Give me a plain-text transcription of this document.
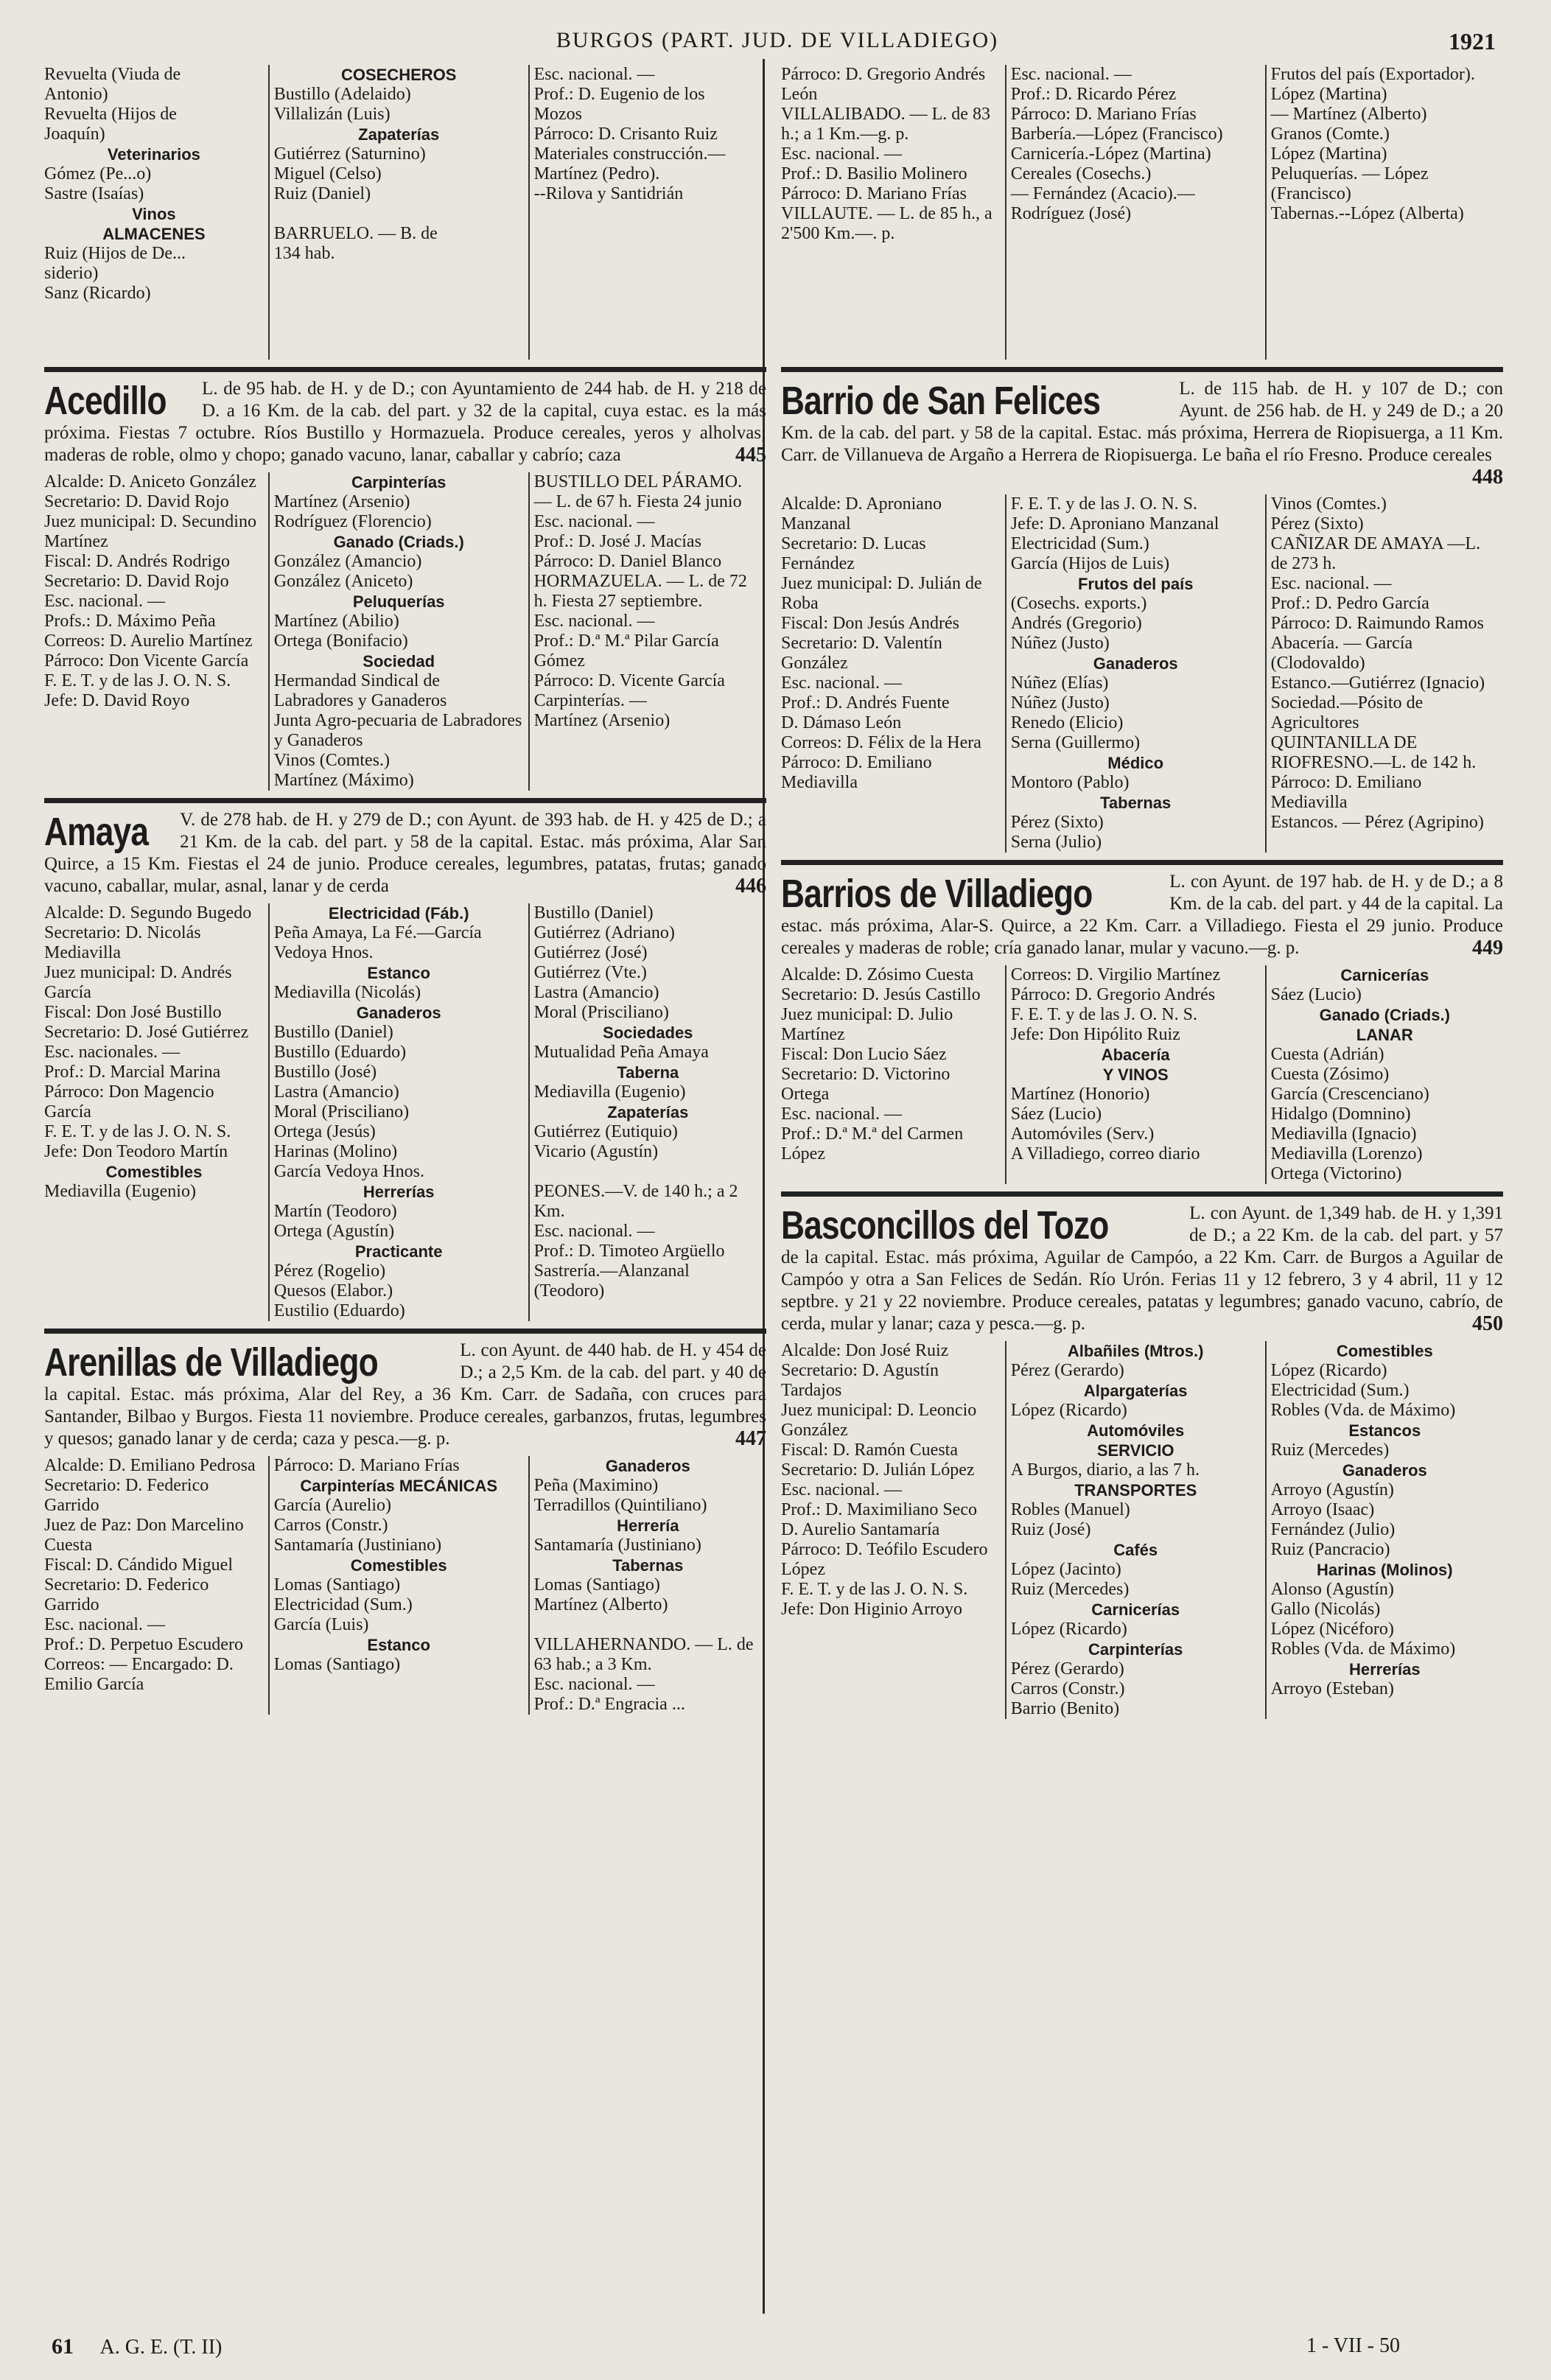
BURGOS (PART. JUD. DE VILLADIEGO)	1921
Revuelta (Viuda de
Antonio)
Revuelta (Hijos de
Joaquín)
Veterinarios
Gómez (Pe...o)
Sastre (Isaías)
Vinos
ALMACENES
Ruiz (Hijos de De...
siderio)
Sanz (Ricardo)
COSECHEROS
Bustillo (Adelaido)
Villalizán (Luis)
Zapaterías
Gutiérrez (Saturnino)
Miguel (Celso)
Ruiz (Daniel)

BARRUELO. — B. de
134 hab.
Esc. nacional. —
Prof.: D. Eugenio de los
Mozos
Párroco: D. Crisanto Ruiz
Materiales construcción.—Martínez (Pedro).
--Rilova y Santidrián
Acedillo L. de 95 hab. de H. y de D.; con Ayuntamiento de 244 hab. de H. y 218 de D. a 16 Km. de la cab. del part. y 32 de la capital, cuya estac. es la más próxima. Fiestas 7 octubre. Ríos Bustillo y Hormazuela. Produce cereales, yeros y alholvas; maderas de roble, olmo y chopo; ganado vacuno, lanar, caballar y cabrío; caza	445
Alcalde: D. Aniceto González
Secretario: D. David Rojo
Juez municipal: D. Secundino Martínez
Fiscal: D. Andrés Rodrigo
Secretario: D. David Rojo
Esc. nacional. —
Profs.: D. Máximo Peña
Correos: D. Aurelio Martínez
Párroco: Don Vicente García
F. E. T. y de las J. O. N. S.
Jefe: D. David Royo
Carpinterías
Martínez (Arsenio)
Rodríguez (Florencio)
Ganado (Criads.)
González (Amancio)
González (Aniceto)
Peluquerías
Martínez (Abilio)
Ortega (Bonifacio)
Sociedad
Hermandad Sindical de Labradores y Ganaderos
Junta Agro-pecuaria de Labradores y Ganaderos
Vinos (Comtes.)
Martínez (Máximo)
BUSTILLO DEL PÁRAMO. — L. de 67 h. Fiesta 24 junio
Esc. nacional. —
Prof.: D. José J. Macías
Párroco: D. Daniel Blanco
HORMAZUELA. — L. de 72 h. Fiesta 27 septiembre.
Esc. nacional. —
Prof.: D.ª M.ª Pilar García Gómez
Párroco: D. Vicente García
Carpinterías. —
Martínez (Arsenio)
Amaya V. de 278 hab. de H. y 279 de D.; con Ayunt. de 393 hab. de H. y 425 de D.; a 21 Km. de la cab. del part. y 58 de la capital. Estac. más próxima, Alar San Quirce, a 15 Km. Fiestas el 24 de junio. Produce cereales, legumbres, patatas, frutas; ganado vacuno, caballar, mular, asnal, lanar y de cerda	446
Alcalde: D. Segundo Bugedo
Secretario: D. Nicolás Mediavilla
Juez municipal: D. Andrés García
Fiscal: Don José Bustillo
Secretario: D. José Gutiérrez
Esc. nacionales. —
Prof.: D. Marcial Marina
Párroco: Don Magencio García
F. E. T. y de las J. O. N. S.
Jefe: Don Teodoro Martín
Comestibles
Mediavilla (Eugenio)
Electricidad (Fáb.)
Peña Amaya, La Fé.—García Vedoya Hnos.
Estanco
Mediavilla (Nicolás)
Ganaderos
Bustillo (Daniel)
Bustillo (Eduardo)
Bustillo (José)
Lastra (Amancio)
Moral (Prisciliano)
Ortega (Jesús)
Harinas (Molino)
García Vedoya Hnos.
Herrerías
Martín (Teodoro)
Ortega (Agustín)
Practicante
Pérez (Rogelio)
Quesos (Elabor.)
Eustilio (Eduardo)
Bustillo (Daniel)
Gutiérrez (Adriano)
Gutiérrez (José)
Gutiérrez (Vte.)
Lastra (Amancio)
Moral (Prisciliano)
Sociedades
Mutualidad Peña Amaya
Taberna
Mediavilla (Eugenio)
Zapaterías
Gutiérrez (Eutiquio)
Vicario (Agustín)

PEONES.—V. de 140 h.; a 2 Km.
Esc. nacional. —
Prof.: D. Timoteo Argüello
Sastrería.—Alanzanal (Teodoro)
Arenillas de Villadiego	L. con Ayunt. de 440 hab. de H. y 454 de D.; a 2,5 Km. de la cab. del part. y 40 de la capital. Estac. más próxima, Alar del Rey, a 36 Km. Carr. de Sadaña, con cruces para Santander, Bilbao y Burgos. Fiesta 11 noviembre. Produce cereales, garbanzos, frutas, legumbres y quesos; ganado lanar y de cerda; caza y pesca.—g. p.	447
Alcalde: D. Emiliano Pedrosa
Secretario: D. Federico Garrido
Juez de Paz: Don Marcelino Cuesta
Fiscal: D. Cándido Miguel
Secretario: D. Federico Garrido
Esc. nacional. —
Prof.: D. Perpetuo Escudero
Correos: — Encargado: D. Emilio García
Párroco: D. Mariano Frías
Carpinterías MECÁNICAS
García (Aurelio)
Carros (Constr.)
Santamaría (Justiniano)
Comestibles
Lomas (Santiago)
Electricidad (Sum.)
García (Luis)
Estanco
Lomas (Santiago)
Ganaderos
Peña (Maximino)
Terradillos (Quintiliano)
Herrería
Santamaría (Justiniano)
Tabernas
Lomas (Santiago)
Martínez (Alberto)

VILLAHERNANDO. — L. de 63 hab.; a 3 Km.
Esc. nacional. —
Prof.: D.ª Engracia ...
Párroco: D. Gregorio Andrés León
VILLALIBADO. — L. de 83 h.; a 1 Km.—g. p.
Esc. nacional. —
Prof.: D. Basilio Molinero
Párroco: D. Mariano Frías
VILLAUTE. — L. de 85 h., a 2'500 Km.—. p.
Esc. nacional. —
Prof.: D. Ricardo Pérez
Párroco: D. Mariano Frías
Barbería.—López (Francisco)
Carnicería.-López (Martina)
Cereales (Cosechs.)
— Fernández (Acacio).— Rodríguez (José)
Frutos del país (Exportador).
López (Martina)
— Martínez (Alberto)
Granos (Comte.)
López (Martina)
Peluquerías. — López (Francisco)
Tabernas.--López (Alberta)
Barrio de San Felices	L. de 115 hab. de H. y 107 de D.; con Ayunt. de 256 hab. de H. y 249 de D.; a 20 Km. de la cab. del part. y 58 de la capital. Estac. más próxima, Herrera de Riopisuerga, a 11 Km. Carr. de Villanueva de Argaño a Herrera de Riopisuerga. Le baña el río Fresno. Produce cereales
448
Alcalde: D. Aproniano Manzanal
Secretario: D. Lucas Fernández
Juez municipal: D. Julián de Roba
Fiscal: Don Jesús Andrés
Secretario: D. Valentín González
Esc. nacional. —
Prof.: D. Andrés Fuente
D. Dámaso León
Correos: D. Félix de la Hera
Párroco: D. Emiliano Mediavilla
F. E. T. y de las J. O. N. S.
Jefe: D. Aproniano Manzanal
Electricidad (Sum.)
García (Hijos de Luis)
Frutos del país
(Cosechs. exports.)
Andrés (Gregorio)
Núñez (Justo)
Ganaderos
Núñez (Elías)
Núñez (Justo)
Renedo (Elicio)
Serna (Guillermo)
Médico
Montoro (Pablo)
Tabernas
Pérez (Sixto)
Serna (Julio)
Vinos (Comtes.)
Pérez (Sixto)
CAÑIZAR DE AMAYA —L. de 273 h.
Esc. nacional. —
Prof.: D. Pedro García
Párroco: D. Raimundo Ramos
Abacería. — García (Clodovaldo)
Estanco.—Gutiérrez (Ignacio)
Sociedad.—Pósito de Agricultores
QUINTANILLA DE RIOFRESNO.—L. de 142 h.
Párroco: D. Emiliano Mediavilla
Estancos. — Pérez (Agripino)
Barrios de Villadiego	L. con Ayunt. de 197 hab. de H. y de D.; a 8 Km. de la cab. del part. y 44 de la capital. La estac. más próxima, Alar-S. Quirce, a 22 Km. Carr. a Villadiego. Fiesta el 29 junio. Produce cereales y maderas de roble; cría ganado lanar, mular y vacuno.—g. p.	449
Alcalde: D. Zósimo Cuesta
Secretario: D. Jesús Castillo
Juez municipal: D. Julio Martínez
Fiscal: Don Lucio Sáez
Secretario: D. Victorino Ortega
Esc. nacional. —
Prof.: D.ª M.ª del Carmen López
Correos: D. Virgilio Martínez
Párroco: D. Gregorio Andrés
F. E. T. y de las J. O. N. S.
Jefe: Don Hipólito Ruiz
Abacería
Y VINOS
Martínez (Honorio)
Sáez (Lucio)
Automóviles (Serv.)
A Villadiego, correo diario
Carnicerías
Sáez (Lucio)
Ganado (Criads.)
LANAR
Cuesta (Adrián)
Cuesta (Zósimo)
García (Crescenciano)
Hidalgo (Domnino)
Mediavilla (Ignacio)
Mediavilla (Lorenzo)
Ortega (Victorino)
Basconcillos del Tozo	L. con Ayunt. de 1,349 hab. de H. y 1,391 de D.; a 22 Km. de la cab. del part. y 57 de la capital. Estac. más próxima, Aguilar de Campóo, a 22 Km. Carr. de Burgos a Aguilar de Campóo y otra a San Felices de Sedán. Río Urón. Ferias 11 y 12 febrero, 3 y 4 abril, 11 y 12 septbre. y 21 y 22 noviembre. Produce cereales, patatas y legumbres; ganado vacuno, cabrío, de cerda, mular y lanar; caza y pesca.—g. p.	450
Alcalde: Don José Ruiz
Secretario: D. Agustín Tardajos
Juez municipal: D. Leoncio González
Fiscal: D. Ramón Cuesta
Secretario: D. Julián López
Esc. nacional. —
Prof.: D. Maximiliano Seco
D. Aurelio Santamaría
Párroco: D. Teófilo Escudero López
F. E. T. y de las J. O. N. S.
Jefe: Don Higinio Arroyo
Albañiles (Mtros.)
Pérez (Gerardo)
Alpargaterías
López (Ricardo)
Automóviles
SERVICIO
A Burgos, diario, a las 7 h.
TRANSPORTES
Robles (Manuel)
Ruiz (José)
Cafés
López (Jacinto)
Ruiz (Mercedes)
Carnicerías
López (Ricardo)
Carpinterías
Pérez (Gerardo)
Carros (Constr.)
Barrio (Benito)
Comestibles
López (Ricardo)
Electricidad (Sum.)
Robles (Vda. de Máximo)
Estancos
Ruiz (Mercedes)
Ganaderos
Arroyo (Agustín)
Arroyo (Isaac)
Fernández (Julio)
Ruiz (Pancracio)
Harinas (Molinos)
Alonso (Agustín)
Gallo (Nicolás)
López (Nicéforo)
Robles (Vda. de Máximo)
Herrerías
Arroyo (Esteban)
61 A. G. E. (T. II)	1 - VII - 50
